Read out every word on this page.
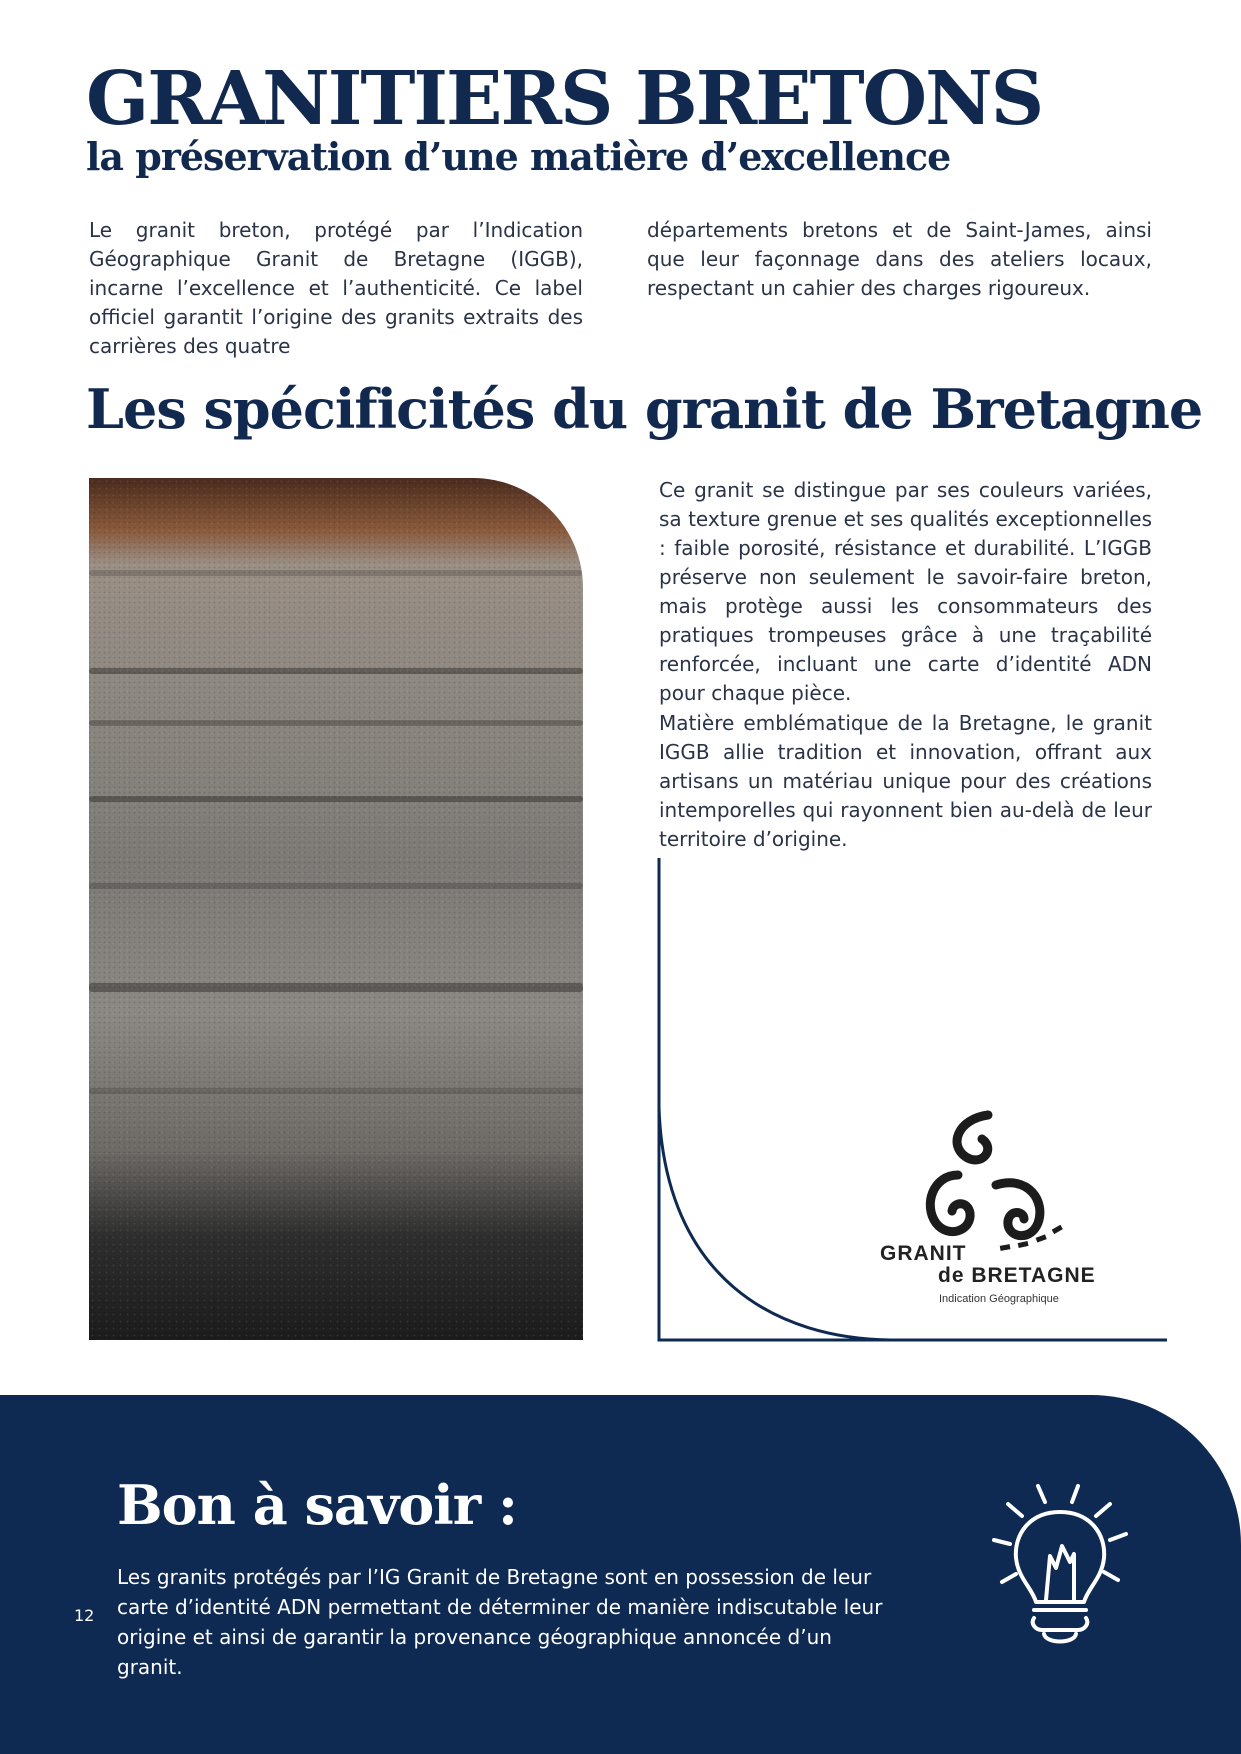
GRANITIERS BRETONS
la préservation d’une matière d’excellence

Le granit breton, protégé par l’Indication Géographique Granit de Bretagne (IGGB), incarne l’excellence et l’authenticité. Ce label officiel garantit l’origine des granits extraits des carrières des quatre

départements bretons et de Saint-James, ainsi que leur façonnage dans des ateliers locaux, respectant un cahier des charges rigoureux.

Les spécificités du granit de Bretagne

Ce granit se distingue par ses couleurs variées, sa texture grenue et ses qualités exceptionnelles : faible porosité, résistance et durabilité. L’IGGB préserve non seulement le savoir-faire breton, mais protège aussi les consommateurs des pratiques trompeuses grâce à une traçabilité renforcée, incluant une carte d’identité ADN pour chaque pièce.

Matière emblématique de la Bretagne, le granit IGGB allie tradition et innovation, offrant aux artisans un matériau unique pour des créations intemporelles qui rayonnent bien au-delà de leur territoire d’origine.

GRANIT

de BRETAGNE

Indication Géographique

Bon à savoir :

Les granits protégés par l’IG Granit de Bretagne sont en possession de leur carte d’identité ADN permettant de déterminer de manière indiscutable leur origine et ainsi de garantir la provenance géographique annoncée d’un granit.

12
